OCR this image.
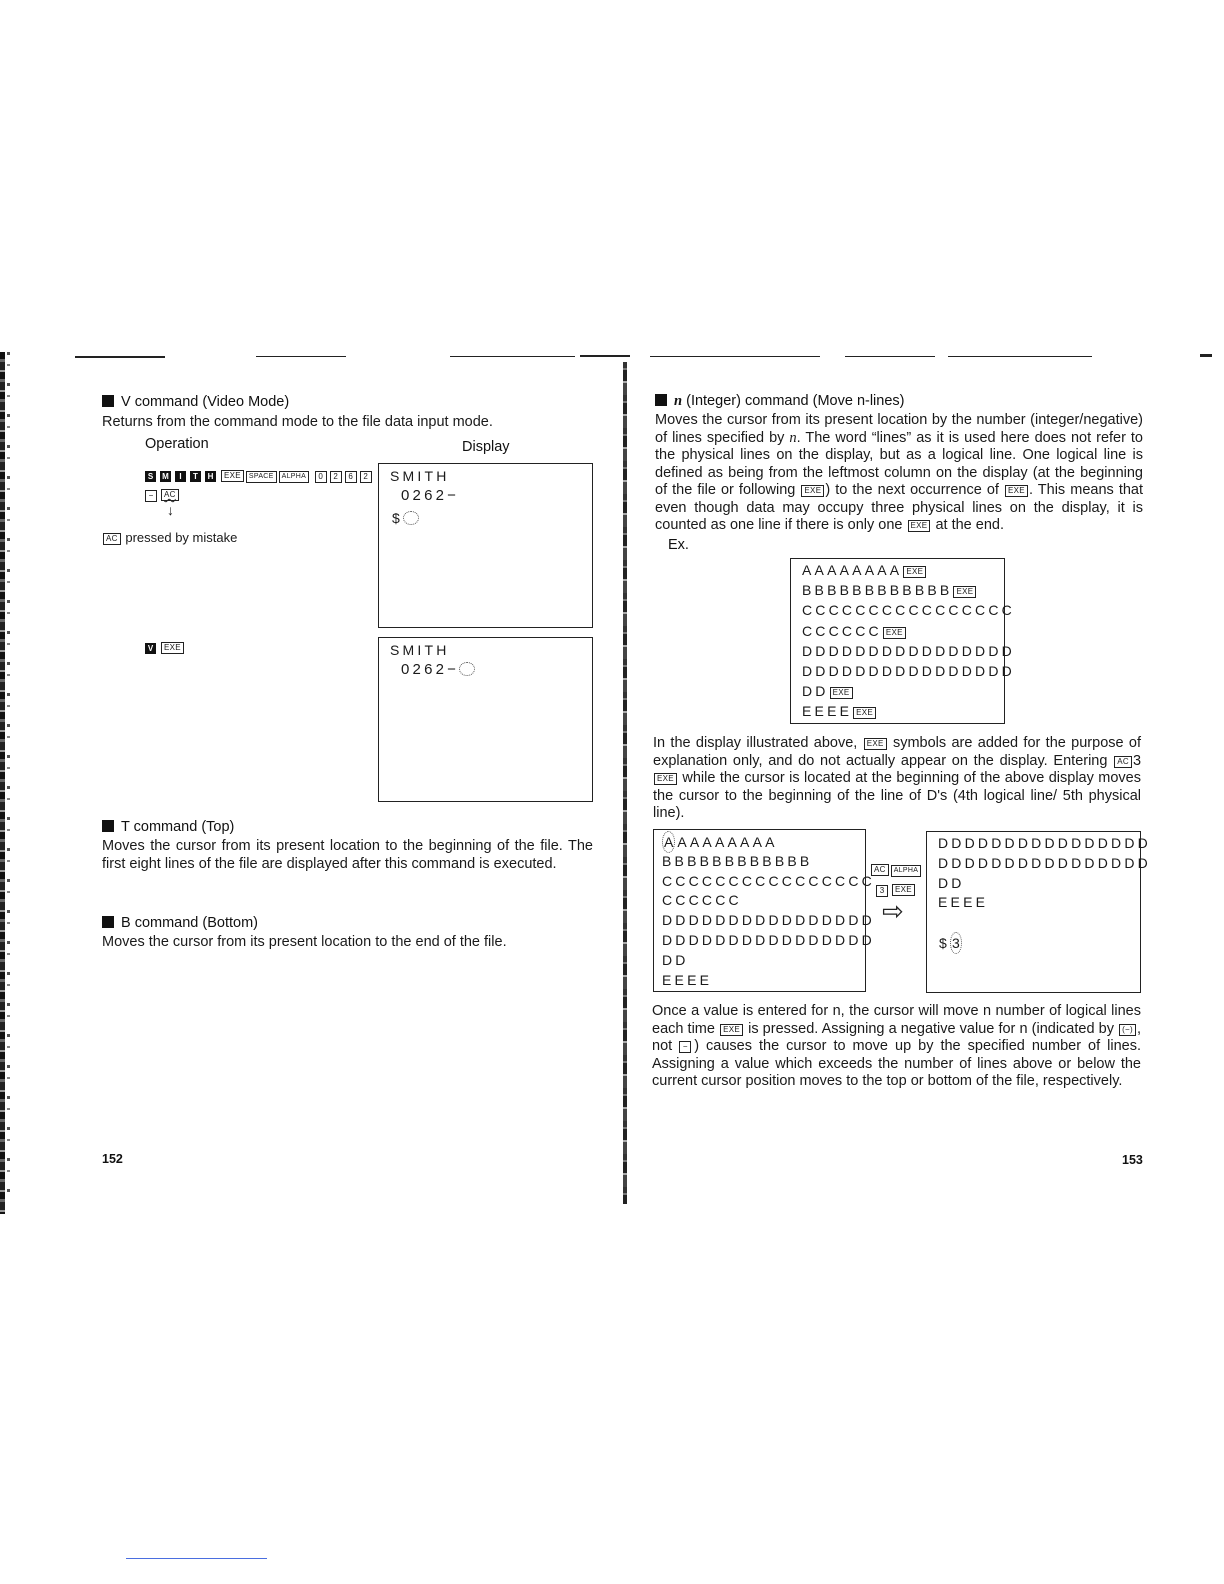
V command (Video Mode)
Returns from the command mode to the file data input mode.
Operation	Display
S M I T H EXE SPACE ALPHA 0 2 6 2
− AC
↓
AC pressed by mistake
SMITH
0262−
$
V EXE	SMITH
0262−
T command (Top)
Moves the cursor from its present location to the beginning of the file. The first eight lines of the file are displayed after this command is executed.
B command (Bottom)
Moves the cursor from its present location to the end of the file.
152
n (Integer) command (Move n-lines)
Moves the cursor from its present location by the number (integer/negative) of lines specified by n. The word “lines” as it is used here does not refer to the physical lines on the display, but as a logical line. One logical line is defined as being from the leftmost column on the display (at the beginning of the file or following EXE ) to the next occurrence of EXE . This means that even though data may occupy three physical lines on the display, it is counted as one line if there is only one EXE at the end.
Ex.
AAAAAAAA EXE
BBBBBBBBBBBB EXE
CCCCCCCCCCCCCCCC
CCCCCC EXE
DDDDDDDDDDDDDDDD
DDDDDDDDDDDDDDDD
DD EXE
EEEE EXE
In the display illustrated above, EXE symbols are added for the purpose of explanation only, and do not actually appear on the display. Entering AC 3 EXE while the cursor is located at the beginning of the above display moves the cursor to the beginning of the line of D's (4th logical line/ 5th physical line).
A AAAAAAAA
BBBBBBBBBBBB
CCCCCCCCCCCCCCCC
CCCCCC
DDDDDDDDDDDDDDDD
DDDDDDDDDDDDDDDD
DD
EEEE
AC ALPHA
3 EXE
⇨
DDDDDDDDDDDDDDDD
DDDDDDDDDDDDDDDD
DD
EEEE
$ 3
Once a value is entered for n, the cursor will move n number of logical lines each time EXE is pressed. Assigning a negative value for n (indicated by (−) , not − ) causes the cursor to move up by the specified number of lines. Assigning a value which exceeds the number of lines above or below the current cursor position moves to the top or bottom of the file, respectively.
153
